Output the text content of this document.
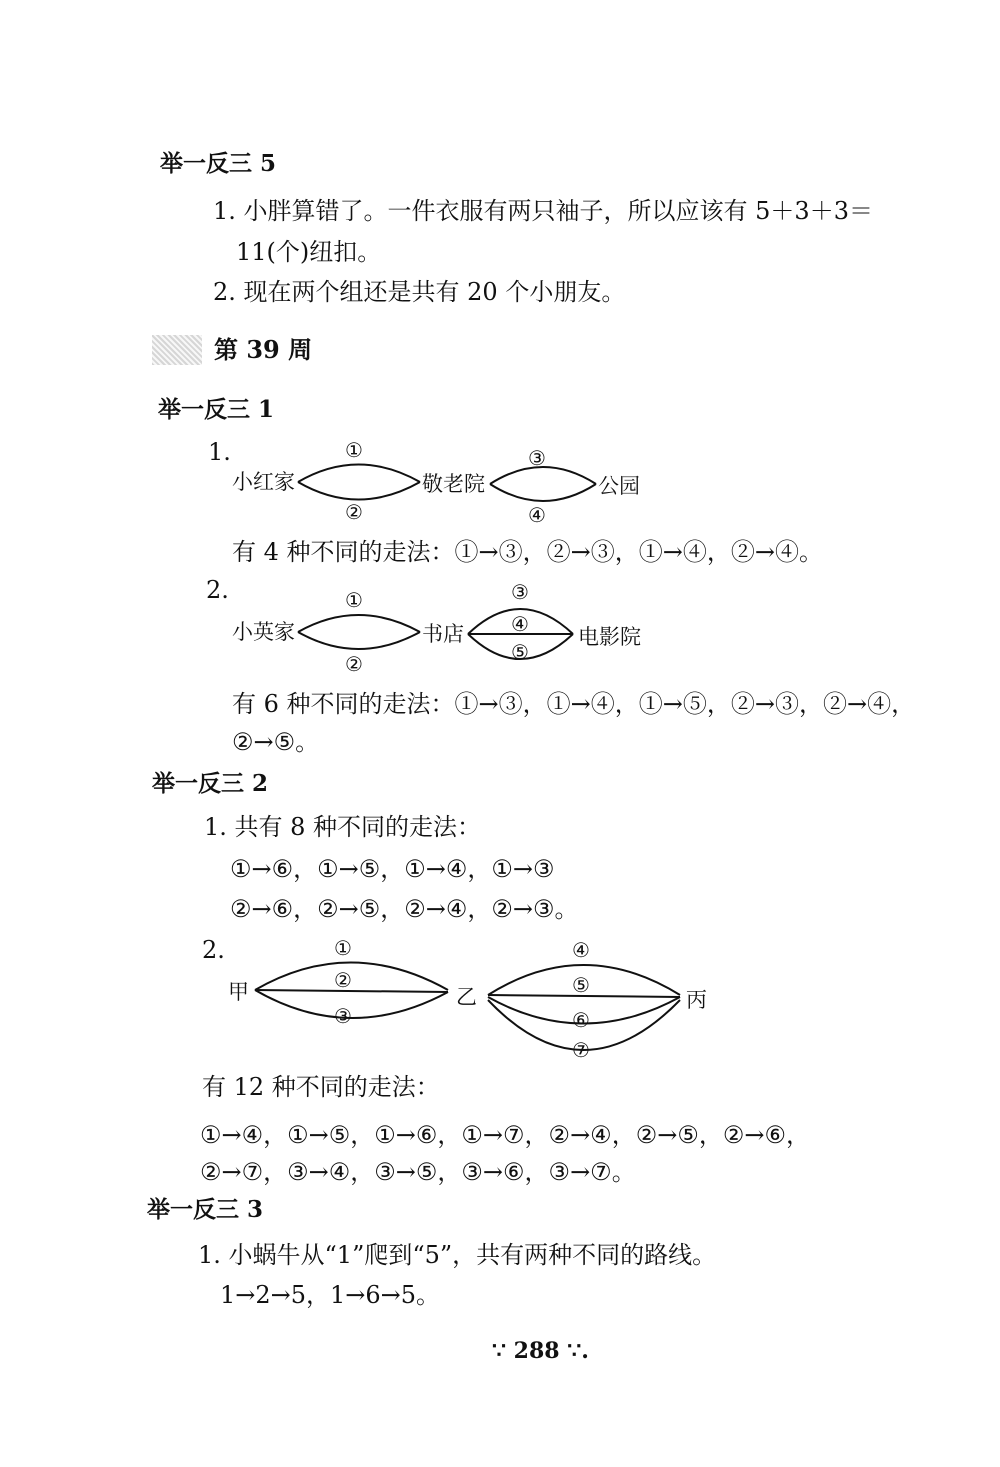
举一反三 5
1. 小胖算错了。一件衣服有两只袖子，所以应该有 5＋3＋3＝
11(个)纽扣。
2. 现在两个组还是共有 20 个小朋友。
第 39 周
举一反三 1
1.
小红家	敬老院	公园
①
②
③
④
有 4 种不同的走法：①→③，②→③，①→④，②→④。
2.
小英家	书店	电影院
①
②
③
④
⑤
有 6 种不同的走法：①→③，①→④，①→⑤，②→③，②→④，
②→⑤。
举一反三 2
1. 共有 8 种不同的走法：
①→⑥，①→⑤，①→④，①→③
②→⑥，②→⑤，②→④，②→③。
2.
甲	乙	丙
①
②
③
④
⑤
⑥
⑦
有 12 种不同的走法：
①→④，①→⑤，①→⑥，①→⑦，②→④，②→⑤，②→⑥，
②→⑦，③→④，③→⑤，③→⑥，③→⑦。
举一反三 3
1. 小蜗牛从“1”爬到“5”，共有两种不同的路线。
1→2→5，1→6→5。
∵ 288 ∵.
